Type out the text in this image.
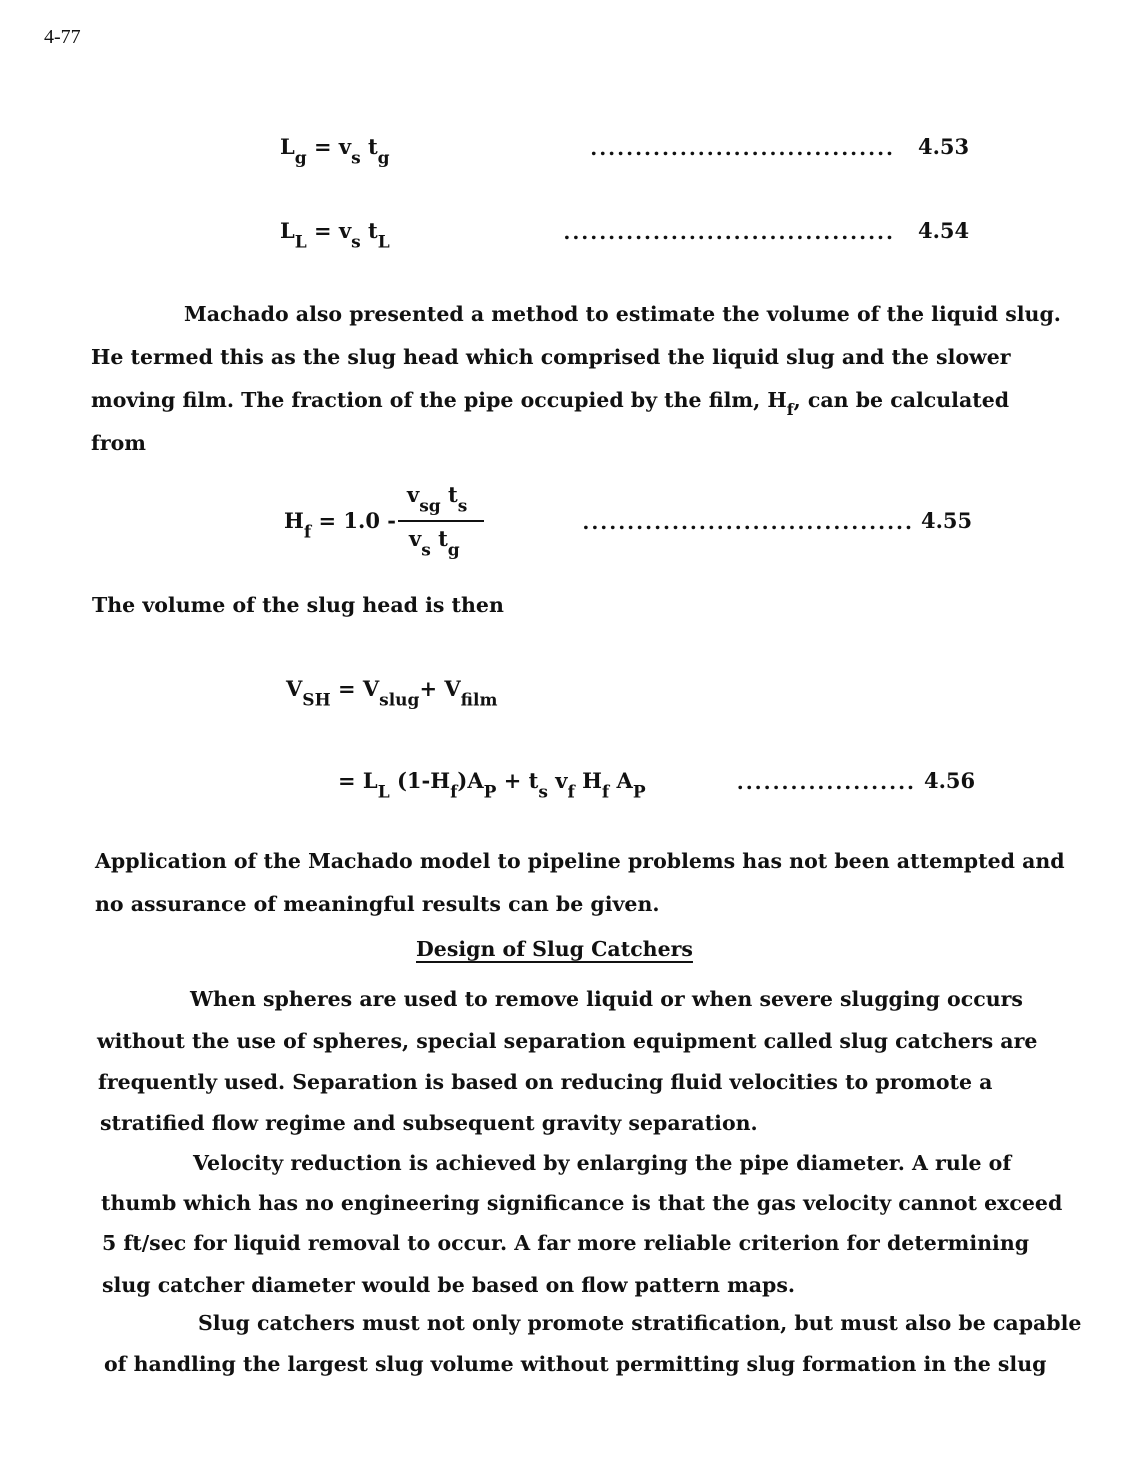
4-77
$L_g = v_s$ $t_g$	.................................. 4.53
$L_L = v_s$ $t_L$	..................................... 4.54
Machado also presented a method to estimate the volume of the liquid slug.
He termed this as the slug head which comprised the liquid slug and the slower
moving film. The fraction of the pipe occupied by the film, $H_f$, can be calculated
from
$H_f = 1.0$ -
$v_{sg}$ $t_s$
$v_s$ $t_g$
..................................... 4.55
The volume of the slug head is then
$V_{SH} = V_{slug}+ V_{film}$
= $L_L$ $(1-H_f)A_P + t_s$ $v_f$ $H_f$ $A_P$	.................... 4.56
Application of the Machado model to pipeline problems has not been attempted and
no assurance of meaningful results can be given.
Design of Slug Catchers
When spheres are used to remove liquid or when severe slugging occurs
without the use of spheres, special separation equipment called slug catchers are
frequently used. Separation is based on reducing fluid velocities to promote a
stratified flow regime and subsequent gravity separation.
Velocity reduction is achieved by enlarging the pipe diameter. A rule of
thumb which has no engineering significance is that the gas velocity cannot exceed
5 ft/sec for liquid removal to occur. A far more reliable criterion for determining
slug catcher diameter would be based on flow pattern maps.
Slug catchers must not only promote stratification, but must also be capable
of handling the largest slug volume without permitting slug formation in the slug
